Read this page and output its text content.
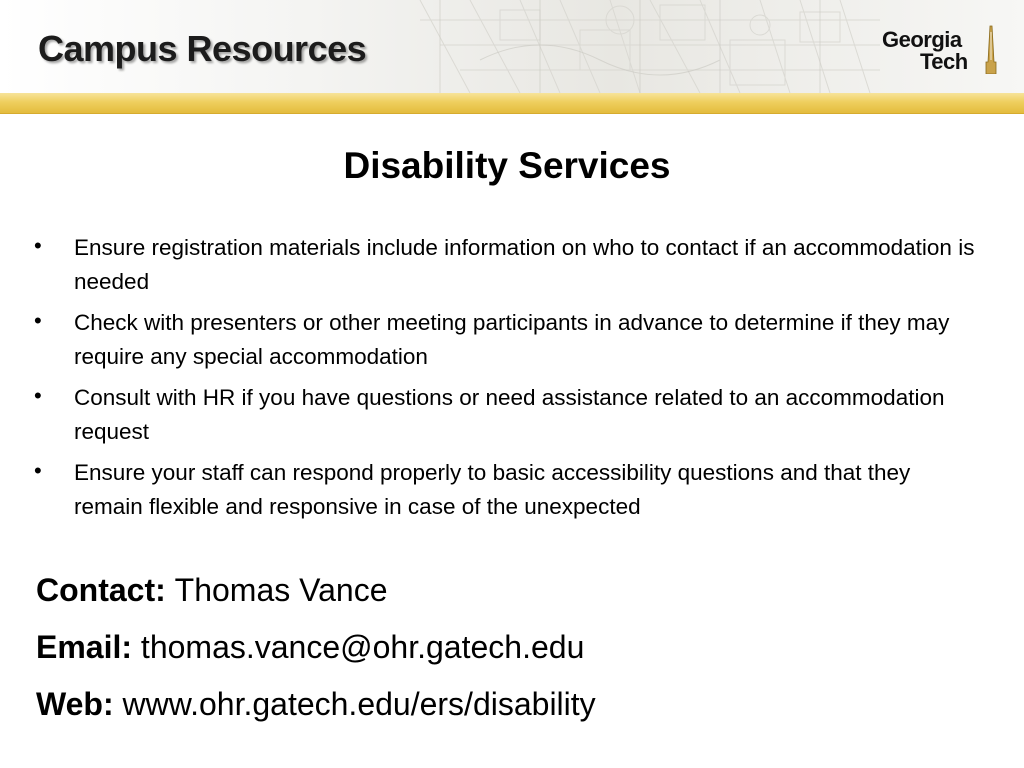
Campus Resources	Georgia
Tech
Disability Services
• Ensure registration materials include information on who to contact if an accommodation is needed
• Check with presenters or other meeting participants in advance to determine if they may require any special accommodation
• Consult with HR if you have questions or need assistance related to an accommodation request
• Ensure your staff can respond properly to basic accessibility questions and that they remain flexible and responsive in case of the unexpected
Contact: Thomas Vance
Email: thomas.vance@ohr.gatech.edu
Web: www.ohr.gatech.edu/ers/disability
